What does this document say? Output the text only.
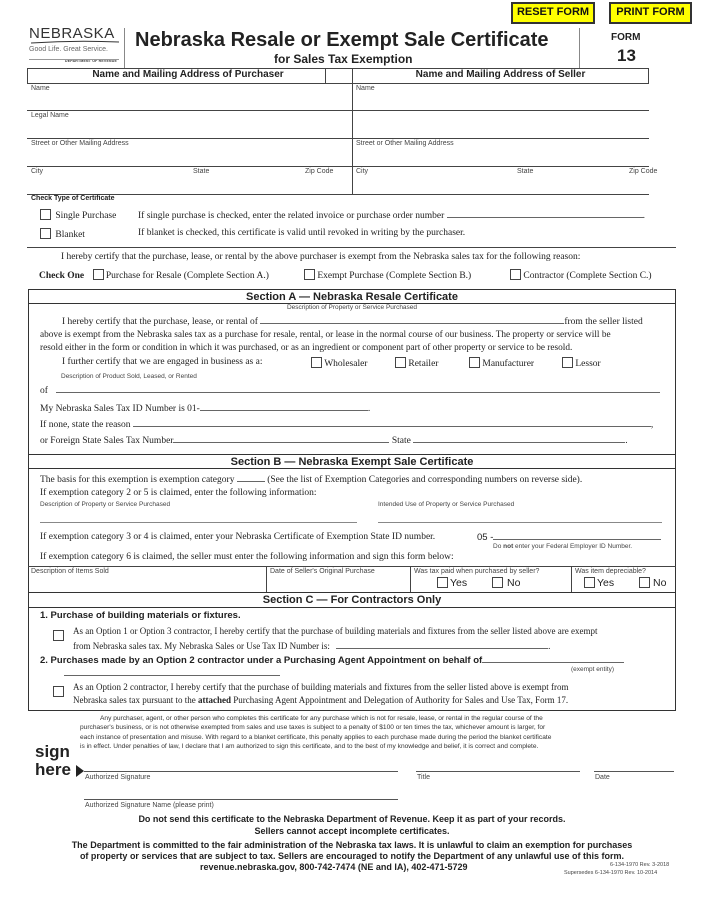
RESET FORM	PRINT FORM
NEBRASKA
Good Life. Great Service.
DEPARTMENT OF REVENUE
Nebraska Resale or Exempt Sale Certificate
for Sales Tax Exemption
FORM
13
Name and Mailing Address of Purchaser	Name and Mailing Address of Seller
Name
Legal Name
Street or Other Mailing Address
City	State	Zip Code
Name
Street or Other Mailing Address
City	State	Zip Code
Check Type of Certificate
Single Purchase If single purchase is checked, enter the related invoice or purchase order number	.
Blanket	If blanket is checked, this certificate is valid until revoked in writing by the purchaser.
I hereby certify that the purchase, lease, or rental by the above purchaser is exempt from the Nebraska sales tax for the following reason:
Check One Purchase for Resale (Complete Section A.)	Exempt Purchase (Complete Section B.)	Contractor (Complete Section C.)
Section A — Nebraska Resale Certificate
Description of Property or Service Purchased
I hereby certify that the purchase, lease, or rental of	from the seller listed
above is exempt from the Nebraska sales tax as a purchase for resale, rental, or lease in the normal course of our business. The property or service will be
resold either in the form or condition in which it was purchased, or as an ingredient or component part of other property or service to be resold.
I further certify that we are engaged in business as a:	Wholesaler	Retailer	Manufacturer	Lessor
Description of Product Sold, Leased, or Rented
of
My Nebraska Sales Tax ID Number is 01-	.
If none, state the reason	,
or Foreign State Sales Tax Number	State	.
Section B — Nebraska Exempt Sale Certificate
The basis for this exemption is exemption category	(See the list of Exemption Categories and corresponding numbers on reverse side).
If exemption category 2 or 5 is claimed, enter the following information:
Description of Property or Service Purchased	Intended Use of Property or Service Purchased
If exemption category 3 or 4 is claimed, enter your Nebraska Certificate of Exemption State ID number.	05 -
Do not enter your Federal Employer ID Number.
If exemption category 6 is claimed, the seller must enter the following information and sign this form below:
Description of Items Sold	Date of Seller's Original Purchase	Was tax paid when purchased by seller?	Was item depreciable?
Yes	No	Yes	No
Section C — For Contractors Only
1. Purchase of building materials or fixtures.
As an Option 1 or Option 3 contractor, I hereby certify that the purchase of building materials and fixtures from the seller listed above are exempt
from Nebraska sales tax. My Nebraska Sales or Use Tax ID Number is:	.
2. Purchases made by an Option 2 contractor under a Purchasing Agent Appointment on behalf of
(exempt entity)
As an Option 2 contractor, I hereby certify that the purchase of building materials and fixtures from the seller listed above is exempt from
Nebraska sales tax pursuant to the attached Purchasing Agent Appointment and Delegation of Authority for Sales and Use Tax, Form 17.
Any purchaser, agent, or other person who completes this certificate for any purchase which is not for resale, lease, or rental in the regular course of the
purchaser's business, or is not otherwise exempted from sales and use taxes is subject to a penalty of $100 or ten times the tax, whichever amount is larger, for
each instance of presentation and misuse. With regard to a blanket certificate, this penalty applies to each purchase made during the period the blanket certificate
is in effect. Under penalties of law, I declare that I am authorized to sign this certificate, and to the best of my knowledge and belief, it is correct and complete.
sign
here Authorized Signature	Title	Date
Authorized Signature Name (please print)
Do not send this certificate to the Nebraska Department of Revenue. Keep it as part of your records.
Sellers cannot accept incomplete certificates.
The Department is committed to the fair administration of the Nebraska tax laws. It is unlawful to claim an exemption for purchases
of property or services that are subject to tax. Sellers are encouraged to notify the Department of any unlawful use of this form.
revenue.nebraska.gov, 800-742-7474 (NE and IA), 402-471-5729	6-134-1970 Rev. 3-2018
Supersedes 6-134-1970 Rev. 10-2014
